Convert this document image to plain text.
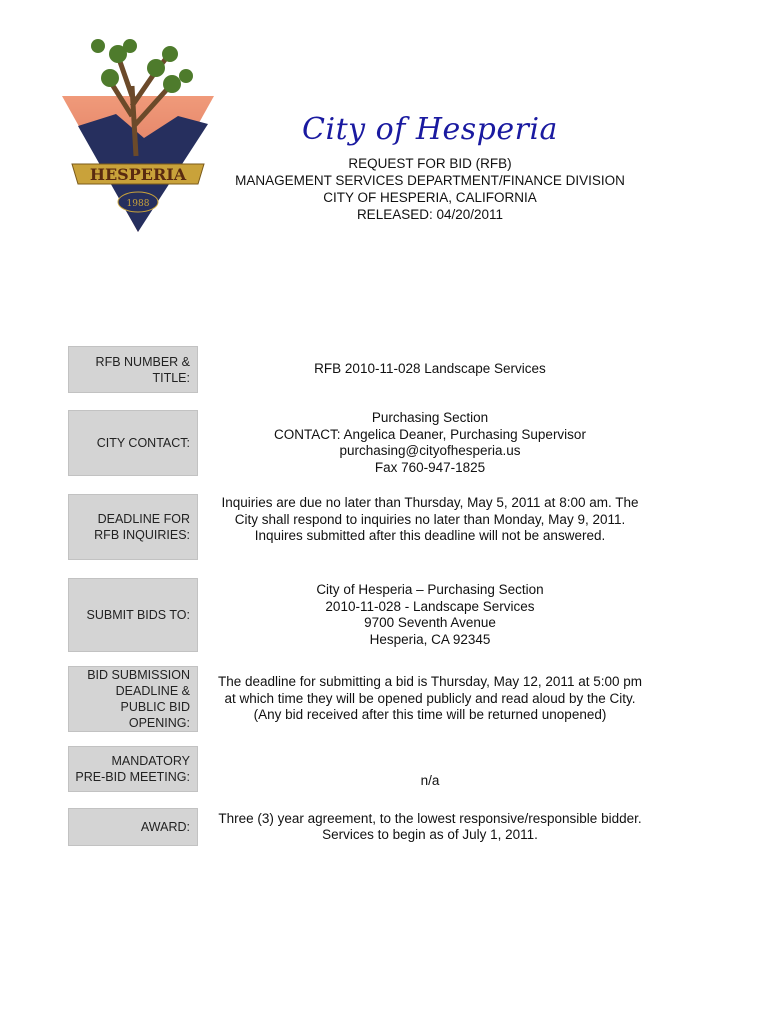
HESPERIA
1988
City of Hesperia
REQUEST FOR BID (RFB)
MANAGEMENT SERVICES DEPARTMENT/FINANCE DIVISION
CITY OF HESPERIA, CALIFORNIA
RELEASED: 04/20/2011
RFB NUMBER &
TITLE:
RFB 2010-11-028 Landscape Services
CITY CONTACT:
Purchasing Section
CONTACT: Angelica Deaner, Purchasing Supervisor
purchasing@cityofhesperia.us
Fax 760-947-1825
DEADLINE FOR
RFB INQUIRIES:
Inquiries are due no later than Thursday, May 5, 2011 at 8:00 am. The
City shall respond to inquiries no later than Monday, May 9, 2011.
Inquires submitted after this deadline will not be answered.
SUBMIT BIDS TO:
City of Hesperia – Purchasing Section
2010-11-028 - Landscape Services
9700 Seventh Avenue
Hesperia, CA 92345
BID SUBMISSION
DEADLINE &
PUBLIC BID
OPENING:
The deadline for submitting a bid is Thursday, May 12, 2011 at 5:00 pm
at which time they will be opened publicly and read aloud by the City.
(Any bid received after this time will be returned unopened)
MANDATORY
PRE-BID MEETING:	n/a
AWARD:
Three (3) year agreement, to the lowest responsive/responsible bidder.
Services to begin as of July 1, 2011.
